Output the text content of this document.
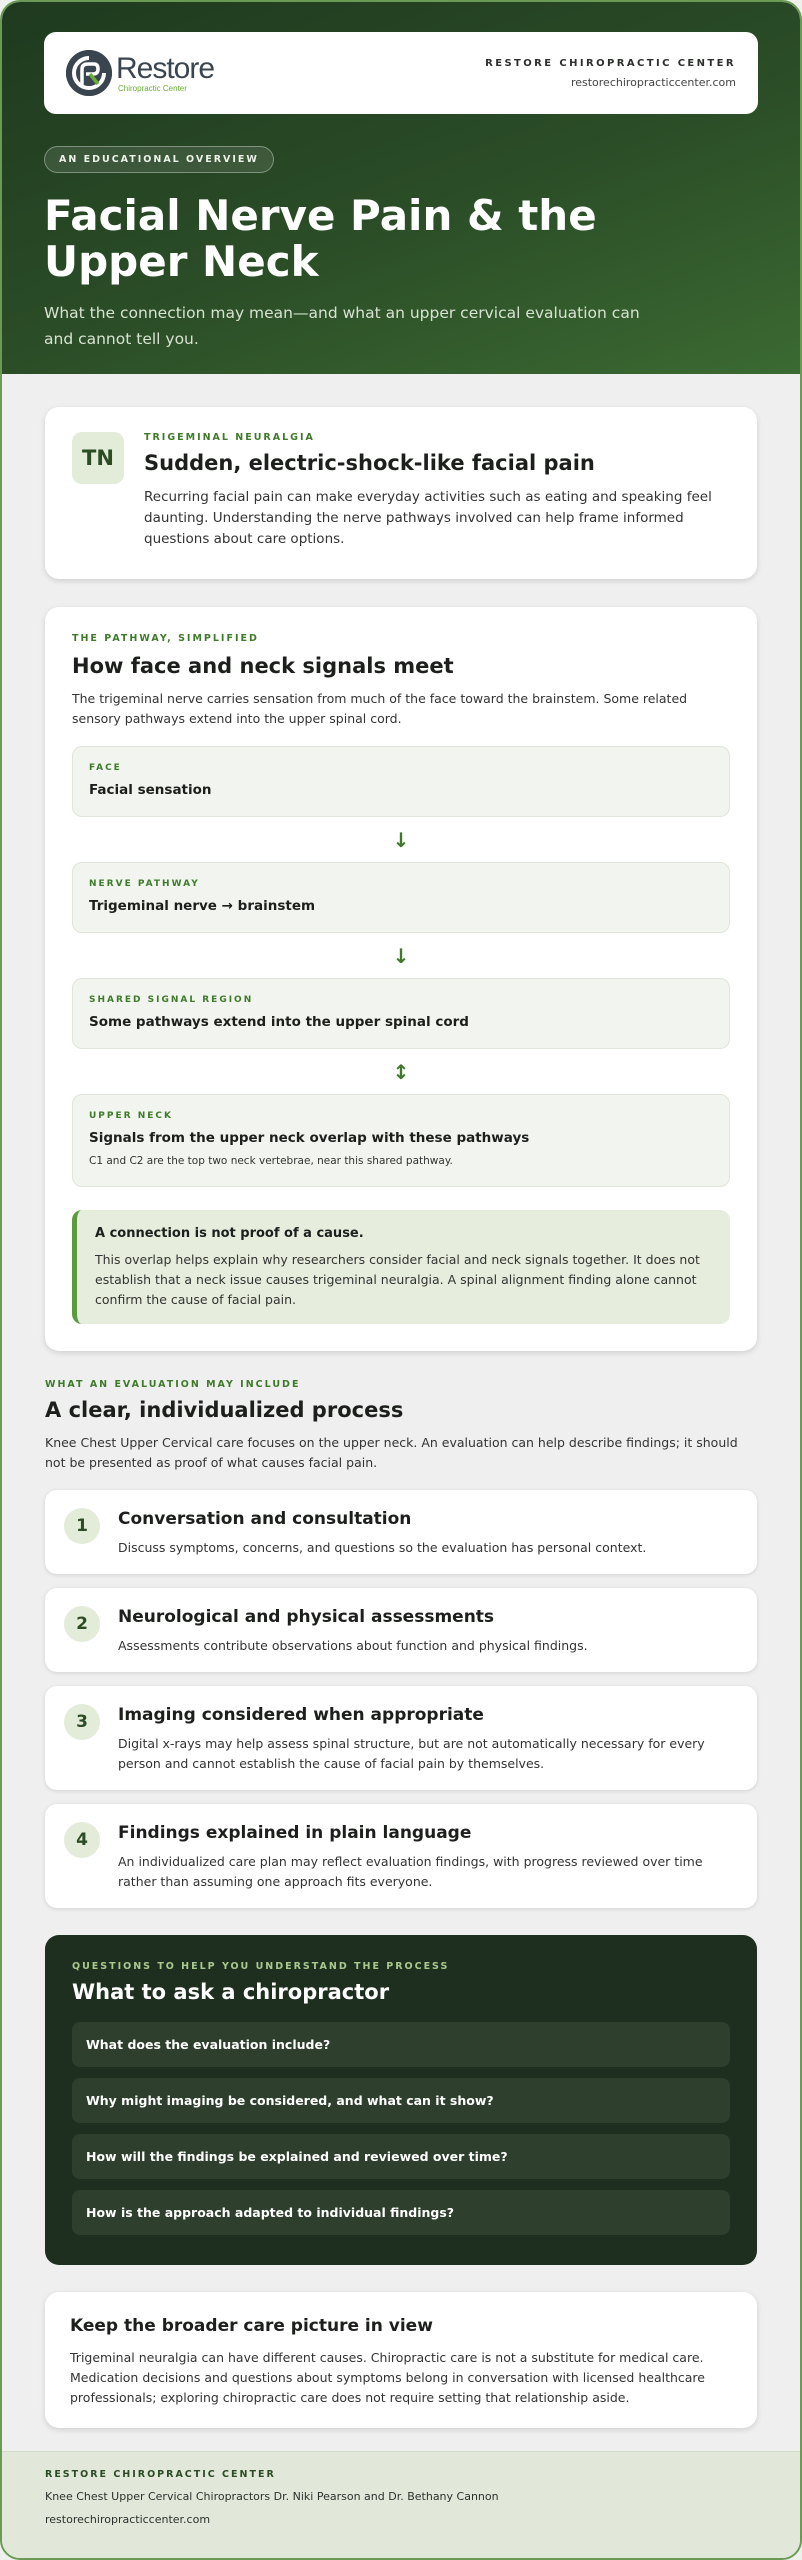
Restore
Chiropractic Center
RESTORE CHIROPRACTIC CENTER
restorechiropracticcenter.com
AN EDUCATIONAL OVERVIEW
Facial Nerve Pain & the Upper Neck

What the connection may mean—and what an upper cervical evaluation can and cannot tell you.

TN
TRIGEMINAL NEURALGIA
Sudden, electric-shock-like facial pain

Recurring facial pain can make everyday activities such as eating and speaking feel daunting. Understanding the nerve pathways involved can help frame informed questions about care options.

THE PATHWAY, SIMPLIFIED
How face and neck signals meet

The trigeminal nerve carries sensation from much of the face toward the brainstem. Some related sensory pathways extend into the upper spinal cord.

FACE
Facial sensation
↓
NERVE PATHWAY
Trigeminal nerve → brainstem
↓
SHARED SIGNAL REGION
Some pathways extend into the upper spinal cord
↕
UPPER NECK
Signals from the upper neck overlap with these pathways
C1 and C2 are the top two neck vertebrae, near this shared pathway.
A connection is not proof of a cause.

This overlap helps explain why researchers consider facial and neck signals together. It does not establish that a neck issue causes trigeminal neuralgia. A spinal alignment finding alone cannot confirm the cause of facial pain.

WHAT AN EVALUATION MAY INCLUDE
A clear, individualized process

Knee Chest Upper Cervical care focuses on the upper neck. An evaluation can help describe findings; it should not be presented as proof of what causes facial pain.

1	Conversation and consultation

Discuss symptoms, concerns, and questions so the evaluation has personal context.

2	Neurological and physical assessments

Assessments contribute observations about function and physical findings.

3	Imaging considered when appropriate

Digital x-rays may help assess spinal structure, but are not automatically necessary for every person and cannot establish the cause of facial pain by themselves.

4	Findings explained in plain language

An individualized care plan may reflect evaluation findings, with progress reviewed over time rather than assuming one approach fits everyone.

QUESTIONS TO HELP YOU UNDERSTAND THE PROCESS
What to ask a chiropractor
What does the evaluation include?
Why might imaging be considered, and what can it show?
How will the findings be explained and reviewed over time?
How is the approach adapted to individual findings?
Keep the broader care picture in view

Trigeminal neuralgia can have different causes. Chiropractic care is not a substitute for medical care. Medication decisions and questions about symptoms belong in conversation with licensed healthcare professionals; exploring chiropractic care does not require setting that relationship aside.

RESTORE CHIROPRACTIC CENTER
Knee Chest Upper Cervical Chiropractors Dr. Niki Pearson and Dr. Bethany Cannon
restorechiropracticcenter.com
